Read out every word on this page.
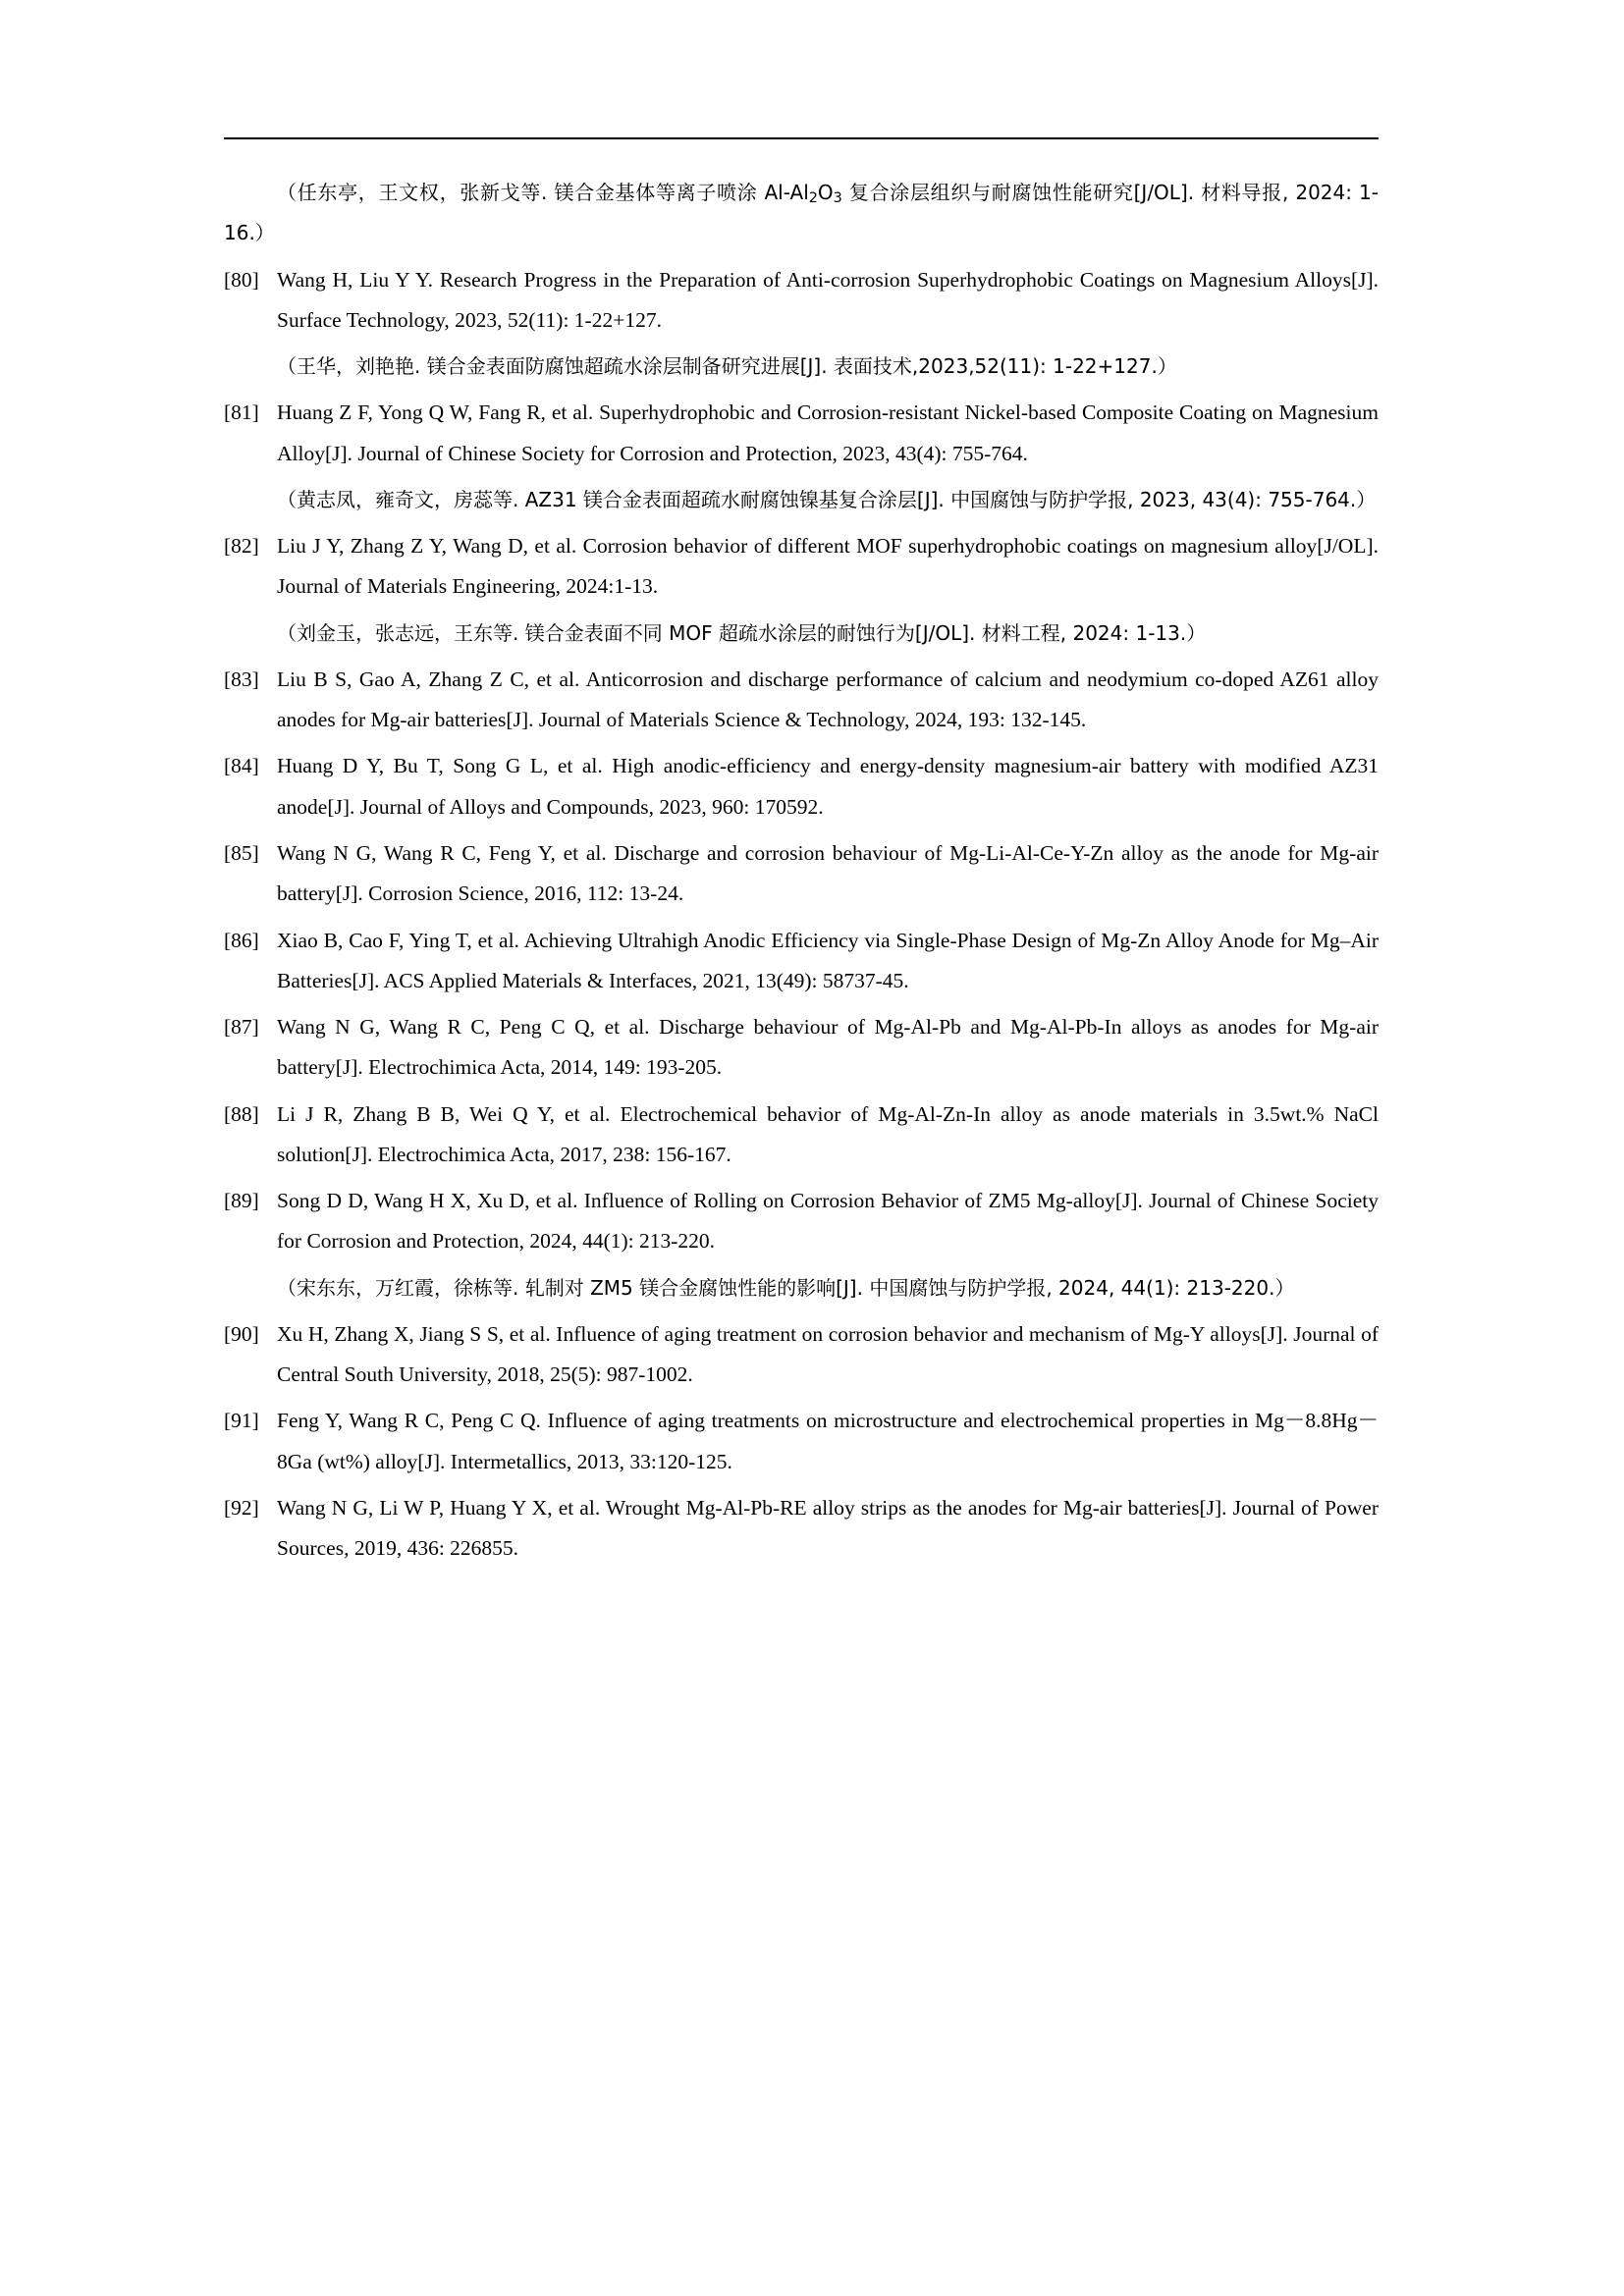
（任东亭，王文权，张新戈等. 镁合金基体等离子喷涂 $Al-Al_2O_3$ 复合涂层组织与耐腐蚀性能研究[J/OL]. 材料导报, 2024: 1-16.）
[80] Wang H, Liu Y Y. Research Progress in the Preparation of Anti-corrosion Superhydrophobic Coatings on Magnesium Alloys[J]. Surface Technology, 2023, 52(11): 1-22+127.
（王华，刘艳艳. 镁合金表面防腐蚀超疏水涂层制备研究进展[J]. 表面技术,2023,52(11): 1-22+127.）
[81] Huang Z F, Yong Q W, Fang R, et al. Superhydrophobic and Corrosion-resistant Nickel-based Composite Coating on Magnesium Alloy[J]. Journal of Chinese Society for Corrosion and Protection, 2023, 43(4): 755-764.
（黄志凤，雍奇文，房蕊等. AZ31 镁合金表面超疏水耐腐蚀镍基复合涂层[J]. 中国腐蚀与防护学报, 2023, 43(4): 755-764.）
[82] Liu J Y, Zhang Z Y, Wang D, et al. Corrosion behavior of different MOF superhydrophobic coatings on magnesium alloy[J/OL]. Journal of Materials Engineering, 2024:1-13.
（刘金玉，张志远，王东等. 镁合金表面不同 MOF 超疏水涂层的耐蚀行为[J/OL]. 材料工程, 2024: 1-13.）
[83] Liu B S, Gao A, Zhang Z C, et al. Anticorrosion and discharge performance of calcium and neodymium co-doped AZ61 alloy anodes for Mg-air batteries[J]. Journal of Materials Science & Technology, 2024, 193: 132-145.
[84] Huang D Y, Bu T, Song G L, et al. High anodic-efficiency and energy-density magnesium-air battery with modified AZ31 anode[J]. Journal of Alloys and Compounds, 2023, 960: 170592.
[85] Wang N G, Wang R C, Feng Y, et al. Discharge and corrosion behaviour of Mg-Li-Al-Ce-Y-Zn alloy as the anode for Mg-air battery[J]. Corrosion Science, 2016, 112: 13-24.
[86] Xiao B, Cao F, Ying T, et al. Achieving Ultrahigh Anodic Efficiency via Single-Phase Design of Mg-Zn Alloy Anode for Mg–Air Batteries[J]. ACS Applied Materials & Interfaces, 2021, 13(49): 58737-45.
[87] Wang N G, Wang R C, Peng C Q, et al. Discharge behaviour of Mg-Al-Pb and Mg-Al-Pb-In alloys as anodes for Mg-air battery[J]. Electrochimica Acta, 2014, 149: 193-205.
[88] Li J R, Zhang B B, Wei Q Y, et al. Electrochemical behavior of Mg-Al-Zn-In alloy as anode materials in 3.5wt.% NaCl solution[J]. Electrochimica Acta, 2017, 238: 156-167.
[89] Song D D, Wang H X, Xu D, et al. Influence of Rolling on Corrosion Behavior of ZM5 Mg-alloy[J]. Journal of Chinese Society for Corrosion and Protection, 2024, 44(1): 213-220.
（宋东东，万红霞，徐栋等. 轧制对 ZM5 镁合金腐蚀性能的影响[J]. 中国腐蚀与防护学报, 2024, 44(1): 213-220.）
[90] Xu H, Zhang X, Jiang S S, et al. Influence of aging treatment on corrosion behavior and mechanism of Mg-Y alloys[J]. Journal of Central South University, 2018, 25(5): 987-1002.
[91] Feng Y, Wang R C, Peng C Q. Influence of aging treatments on microstructure and electrochemical properties in Mg－8.8Hg－8Ga (wt%) alloy[J]. Intermetallics, 2013, 33:120-125.
[92] Wang N G, Li W P, Huang Y X, et al. Wrought Mg-Al-Pb-RE alloy strips as the anodes for Mg-air batteries[J]. Journal of Power Sources, 2019, 436: 226855.
